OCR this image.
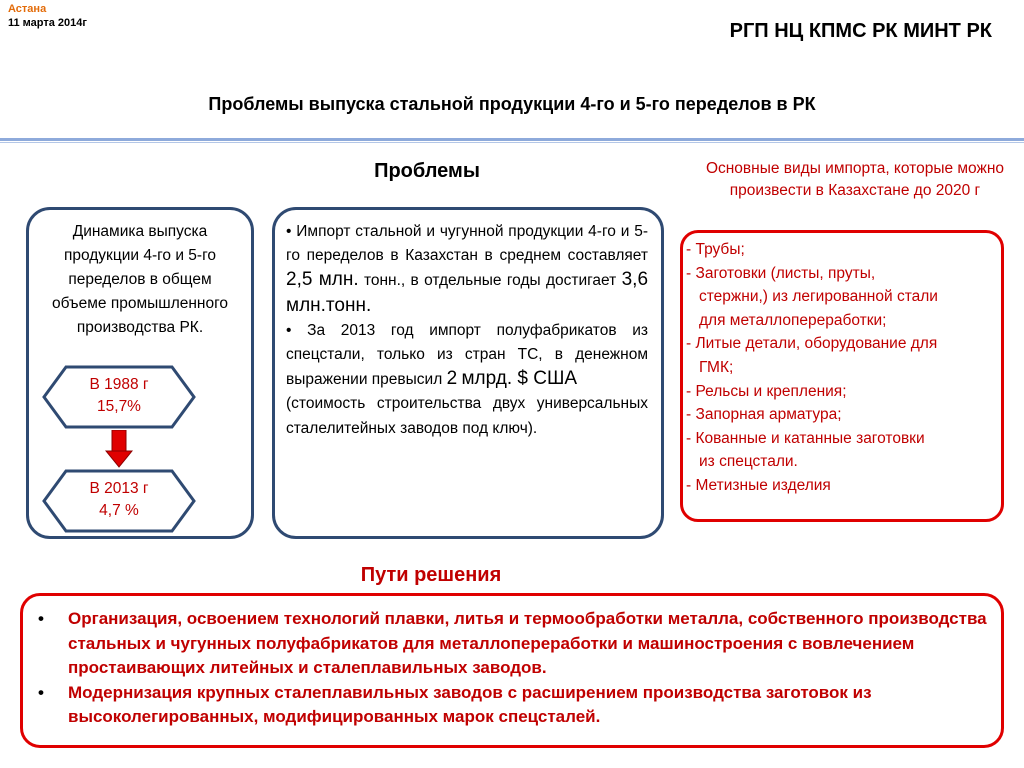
Астана
11 марта 2014г	РГП НЦ КПМС РК МИНТ РК
Проблемы выпуска стальной продукции 4-го и 5-го переделов в РК
Проблемы
Динамика выпуска продукции 4-го и 5-го переделов в общем объеме промышленного производства РК.
В 1988 г
15,7%
В 2013 г
4,7 %
• Импорт стальной и чугунной продукции 4-го и 5-го переделов в Казахстан в среднем составляет 2,5 млн. тонн., в отдельные годы достигает 3,6 млн.тонн.
• За 2013 год импорт полуфабрикатов из спецстали, только из стран ТС, в денежном выражении превысил 2 млрд. $ США
(стоимость строительства двух универсальных сталелитейных заводов под ключ).
Основные виды импорта, которые можно произвести в Казахстане до 2020 г
- Трубы;
- Заготовки (листы, пруты,
стержни,) из легированной стали
для металлопереработки;
- Литые детали, оборудование для
ГМК;
- Рельсы и крепления;
- Запорная арматура;
- Кованные и катанные заготовки
из спецстали.
- Метизные изделия
Пути решения
• Организация, освоением технологий плавки, литья и термообработки металла, собственного производства стальных и чугунных полуфабрикатов для металлопереработки и машиностроения с вовлечением простаивающих литейных и сталеплавильных заводов.
• Модернизация крупных сталеплавильных заводов с расширением производства заготовок из высоколегированных, модифицированных марок спецсталей.
